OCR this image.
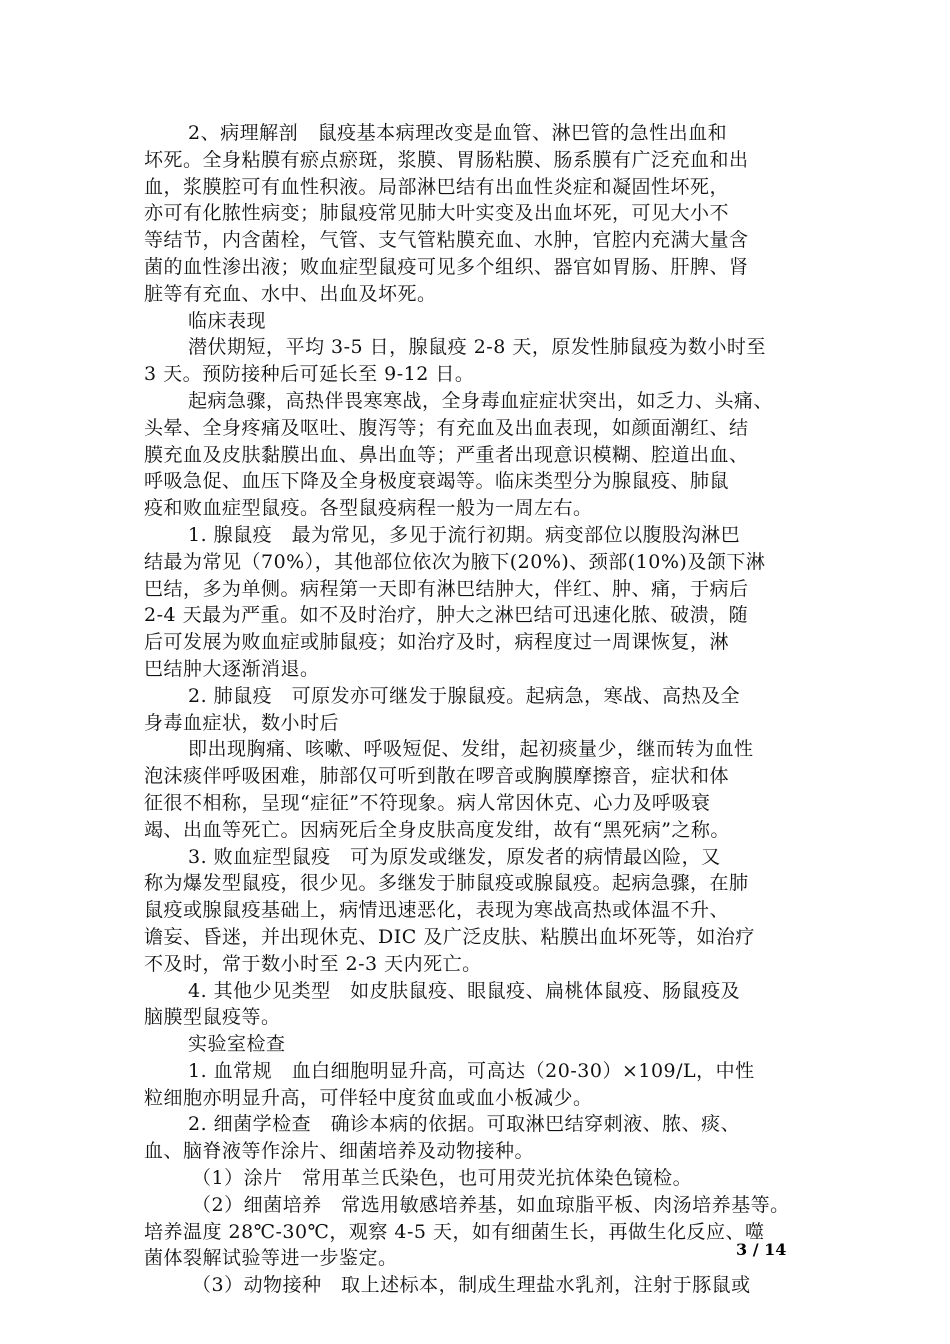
2、病理解剖　鼠疫基本病理改变是血管、淋巴管的急性出血和
坏死。全身粘膜有瘀点瘀斑，浆膜、胃肠粘膜、肠系膜有广泛充血和出
血，浆膜腔可有血性积液。局部淋巴结有出血性炎症和凝固性坏死，
亦可有化脓性病变；肺鼠疫常见肺大叶实变及出血坏死，可见大小不
等结节，内含菌栓，气管、支气管粘膜充血、水肿，官腔内充满大量含
菌的血性渗出液；败血症型鼠疫可见多个组织、器官如胃肠、肝脾、肾
脏等有充血、水中、出血及坏死。
临床表现
潜伏期短，平均 3-5 日，腺鼠疫 2-8 天，原发性肺鼠疫为数小时至
3 天。预防接种后可延长至 9-12 日。
起病急骤，高热伴畏寒寒战，全身毒血症症状突出，如乏力、头痛、
头晕、全身疼痛及呕吐、腹泻等；有充血及出血表现，如颜面潮红、结
膜充血及皮肤黏膜出血、鼻出血等；严重者出现意识模糊、腔道出血、
呼吸急促、血压下降及全身极度衰竭等。临床类型分为腺鼠疫、肺鼠
疫和败血症型鼠疫。各型鼠疫病程一般为一周左右。
1. 腺鼠疫　最为常见，多见于流行初期。病变部位以腹股沟淋巴
结最为常见（70%），其他部位依次为腋下(20%)、颈部(10%)及颌下淋
巴结，多为单侧。病程第一天即有淋巴结肿大，伴红、肿、痛，于病后
2-4 天最为严重。如不及时治疗，肿大之淋巴结可迅速化脓、破溃，随
后可发展为败血症或肺鼠疫；如治疗及时，病程度过一周课恢复，淋
巴结肿大逐渐消退。
2. 肺鼠疫　可原发亦可继发于腺鼠疫。起病急，寒战、高热及全
身毒血症状，数小时后
即出现胸痛、咳嗽、呼吸短促、发绀，起初痰量少，继而转为血性
泡沫痰伴呼吸困难，肺部仅可听到散在啰音或胸膜摩擦音，症状和体
征很不相称，呈现“症征”不符现象。病人常因休克、心力及呼吸衰
竭、出血等死亡。因病死后全身皮肤高度发绀，故有“黑死病”之称。
3. 败血症型鼠疫　可为原发或继发，原发者的病情最凶险，又
称为爆发型鼠疫，很少见。多继发于肺鼠疫或腺鼠疫。起病急骤，在肺
鼠疫或腺鼠疫基础上，病情迅速恶化，表现为寒战高热或体温不升、
谵妄、昏迷，并出现休克、DIC 及广泛皮肤、粘膜出血坏死等，如治疗
不及时，常于数小时至 2-3 天内死亡。
4. 其他少见类型　如皮肤鼠疫、眼鼠疫、扁桃体鼠疫、肠鼠疫及
脑膜型鼠疫等。
实验室检查
1. 血常规　血白细胞明显升高，可高达（20-30）×109/L，中性
粒细胞亦明显升高，可伴轻中度贫血或血小板减少。
2. 细菌学检查　确诊本病的依据。可取淋巴结穿刺液、脓、痰、
血、脑脊液等作涂片、细菌培养及动物接种。
（1）涂片　常用革兰氏染色，也可用荧光抗体染色镜检。
（2）细菌培养　常选用敏感培养基，如血琼脂平板、肉汤培养基等。
培养温度 28℃-30℃，观察 4-5 天，如有细菌生长，再做生化反应、噬
菌体裂解试验等进一步鉴定。
（3）动物接种　取上述标本，制成生理盐水乳剂，注射于豚鼠或
3 / 14
